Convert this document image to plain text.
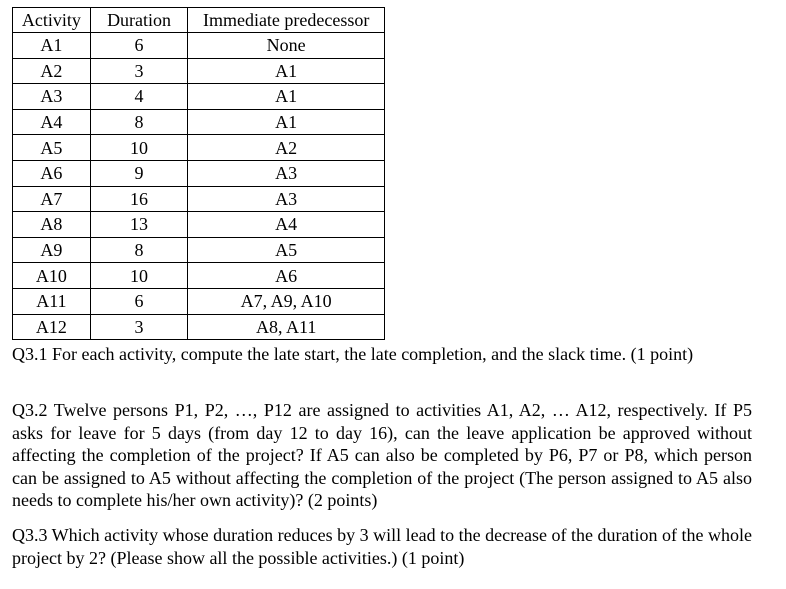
Activity	Duration	Immediate predecessor
A1	6	None
A2	3	A1
A3	4	A1
A4	8	A1
A5	10	A2
A6	9	A3
A7	16	A3
A8	13	A4
A9	8	A5
A10	10	A6
A11	6	A7, A9, A10
A12	3	A8, A11

Q3.1 For each activity, compute the late start, the late completion, and the slack time. (1 point)

Q3.2 Twelve persons P1, P2, …, P12 are assigned to activities A1, A2, … A12, respectively. If P5 asks for leave for 5 days (from day 12 to day 16), can the leave application be approved without affecting the completion of the project? If A5 can also be completed by P6, P7 or P8, which person can be assigned to A5 without affecting the completion of the project (The person assigned to A5 also needs to complete his/her own activity)? (2 points)

Q3.3 Which activity whose duration reduces by 3 will lead to the decrease of the duration of the whole project by 2? (Please show all the possible activities.) (1 point)
